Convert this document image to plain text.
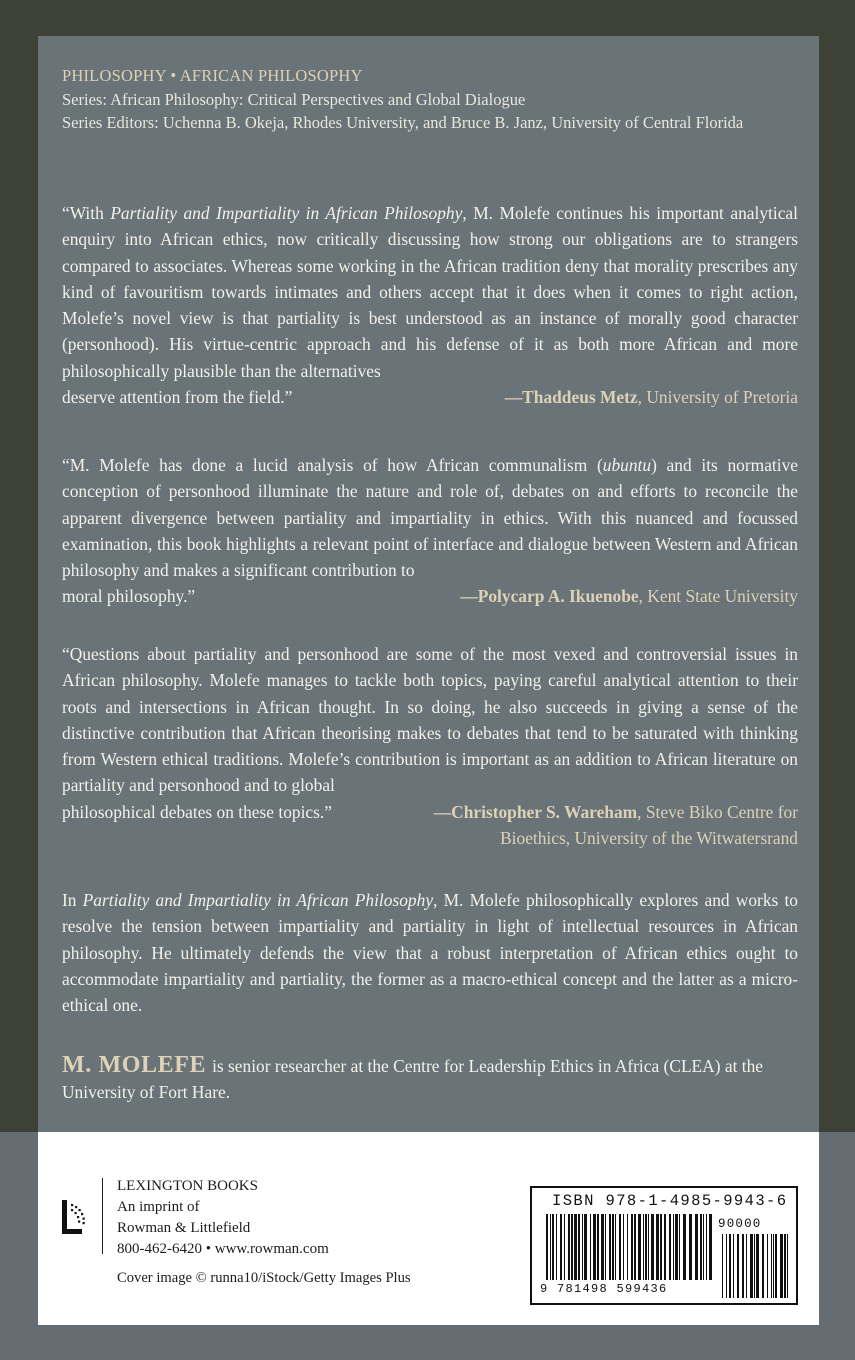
PHILOSOPHY • AFRICAN PHILOSOPHY
Series: African Philosophy: Critical Perspectives and Global Dialogue
Series Editors: Uchenna B. Okeja, Rhodes University, and Bruce B. Janz, University of Central Florida
“With Partiality and Impartiality in African Philosophy, M. Molefe continues his important analytical enquiry into African ethics, now critically discussing how strong our obligations are to strangers compared to associates. Whereas some working in the African tradition deny that morality prescribes any kind of favouritism towards intimates and others accept that it does when it comes to right action, Molefe’s novel view is that partiality is best understood as an instance of morally good character (personhood). His virtue-centric approach and his defense of it as both more African and more philosophically plausible than the alternatives
deserve attention from the field.”	—Thaddeus Metz, University of Pretoria
“M. Molefe has done a lucid analysis of how African communalism (ubuntu) and its normative conception of personhood illuminate the nature and role of, debates on and efforts to reconcile the apparent divergence between partiality and impartiality in ethics. With this nuanced and focussed examination, this book highlights a relevant point of interface and dialogue between Western and African philosophy and makes a significant contribution to
moral philosophy.”	—Polycarp A. Ikuenobe, Kent State University
“Questions about partiality and personhood are some of the most vexed and controversial issues in African philosophy. Molefe manages to tackle both topics, paying careful analytical attention to their roots and intersections in African thought. In so doing, he also succeeds in giving a sense of the distinctive contribution that African theorising makes to debates that tend to be saturated with thinking from Western ethical traditions. Molefe’s contribution is important as an addition to African literature on partiality and personhood and to global
philosophical debates on these topics.”	—Christopher S. Wareham, Steve Biko Centre for
Bioethics, University of the Witwatersrand
In Partiality and Impartiality in African Philosophy, M. Molefe philosophically explores and works to resolve the tension between impartiality and partiality in light of intellectual resources in African philosophy. He ultimately defends the view that a robust interpretation of African ethics ought to accommodate impartiality and partiality, the former as a macro-ethical concept and the latter as a micro-ethical one.
M. MOLEFE is senior researcher at the Centre for Leadership Ethics in Africa (CLEA) at the University of Fort Hare.
LEXINGTON BOOKS
An imprint of
Rowman & Littlefield
800-462-6420 • www.rowman.com
Cover image © runna10/iStock/Getty Images Plus
ISBN 978-1-4985-9943-6
90000
9 781498 599436
